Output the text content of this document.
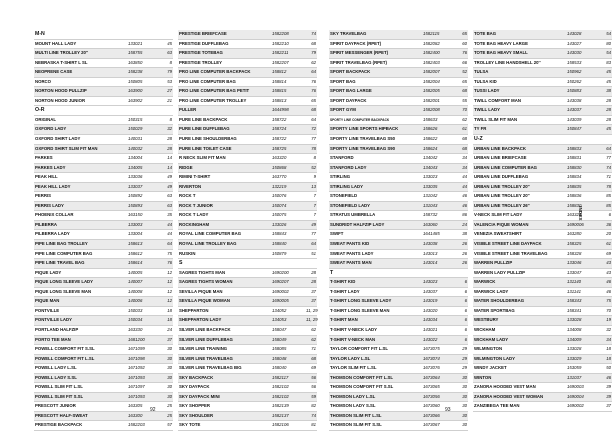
M-N
MOUNT HALL LADY	133021	45
MULTI LINE TROLLEY 20''	158755	63
NEBRASKA T-SHIRT L SL	163850	8
NEOPRENE CASE	158238	79
NORCO	150805	53
NORTON HOOD PULLZIP	163900	27
NORTON HOOD JUNIOR	163902	21
O-R
ORIGINAL	150315	8
OXFORD LADY	150029	32
OXFORD SHIRT LADY	140031	28
OXFORD SHIRT SLIM FIT MAN	140032	28
PARKES	134004	14
PARKES LADY	134005	14
PEAK HILL	133036	49
PEAK HILL LADY	133037	49
PERRIS	150892	63
PERRIS LADY	150893	63
PHOENIX COLLAR	163150	35
PILBERRA	133003	44
PILBERRA LADY	133004	44
PIPE LINE BAG TROLLEY	158613	64
PIPE LINE COMPUTER BAG	158612	75
PIPE LINE TRAVEL BAG	158614	76
PIQUE LADY	140005	12
PIQUE LONG SLEEVE LADY	140007	12
PIQUE LONG SLEEVE MAN	140008	12
PIQUE MAN	140006	12
PONTVILLE	150033	18
PONTVILLE LADY	150034	18
PORTLAND HALFZIP	163330	24
PORTO TEE MAN	1681200	37
POWELL COMFORT FIT S.SL	1671099	30
POWELL COMFORT FIT L.SL	1671098	30
POWELL LADY L.SL	1671092	30
POWELL LADY S.SL	1671093	30
POWELL SLIM FIT L.SL	1671097	30
POWELL SLIM FIT S.SL	1671093	30
PRESCOTT JUNIOR	163305	25
PRESCOTT HALF-SWEAT	163300	25
PRESTIGE BACKPACK	1582203	57
PRESTIGE BRIEFCASE	1582208	74
PRESTIGE DUFFLEBAG	1582210	68
PRESTIGE TOTEBAG	1582211	79
PRESTIGE TROLLEY	1582207	62
PRO LINE COMPUTER BACKPACK	158812	64
PRO LINE COMPUTER BAG	158814	76
PRO LINE COMPUTER BAG PETIT	158815	76
PRO LINE COMPUTER TROLLEY	158813	65
PULLER	1644998	68
PURE LINE BACKPACK	158722	64
PURE LINE DUFFLEBAG	158724	72
PURE LINE SHOULDERBAG	158722	77
PURE LINE TOILET CASE	158725	78
R NECK SLIM FIT MAN	163320	8
RIDGE	150868	52
RIMINI T-SHIRT	163770	9
RIVERTON	132219	13
ROCK T	150076	7
ROCK T JUNIOR	150074	7
ROCK T LADY	150075	7
ROCKINGHAM	133026	49
ROYAL LINE COMPUTER BAG	158843	77
ROYAL LINE TROLLEY BAG	158840	64
RUSKIN	150879	51
S
SAGRES TIGHTS MAN	1690200	28
SAGRES TIGHTS WOMAN	1690207	28
SEVILLA PIQUE MAN	1690002	37
SEVILLA PIQUE WOMAN	1690005	37
SHEPPARTON	134052	11, 29
SHEPPARTON LADY	134053	11, 29
SILVER LINE BACKPACK	158047	62
SILVER LINE DUFFLEBAG	158049	62
SILVER LINE TRAINING	158085	71
SILVER LINE TRAVELBAG	158048	68
SILVER LINE TRAVELBAG BIG	158040	69
SKY BACKPACK	1582117	56
SKY DAYPACK	1582102	56
SKY DAYPACK MINI	1582102	59
SKY SHOPPER	1582139	82
SKY SHOULDER	1582137	74
SKY TOTE	1582106	81
SKY TRAVELBAG	1582115	65
SPIRIT DAYPACK (RPET)	1582082	60
SPIRIT MESSENGER (RPET)	1582400	76
SPIRIT TRAVELBAG (RPET)	1582403	66
SPORT BACKPACK	1582007	52
SPORT BAG	1582004	65
SPORT BAG LARGE	1582005	68
SPORT DAYPACK	1582001	55
SPORT GYM	1582008	70
SPORTY LINE COMPUTER BACKPACK	158633	62
SPORTY LINE SPORTS HIPBACK	158626	61
SPORTY LINE TRAVELBAG S50	158622	68
SPORTY LINE TRAVELBAG S90	158624	68
STANFORD	134042	34
STANFORD LADY	134043	34
STIRLING	133023	44
STIRLING LADY	133035	44
STONEFIELD	131042	46
STONEFIELD LADY	131043	46
STRATUS UMBRELLA	158732	86
SUNDRIDT HALFZIP LADY	163060	24
SWIFT	1641485	38
SWEAT PANTS KID	143038	26
SWEAT PANTS LADY	143013	26
SWEAT PANTS MAN	143014	26
T
T-SHIRT KID	143023	6
T-SHIRT LADY	143037	6
T-SHIRT LONG SLEEVE LADY	143019	6
T-SHIRT LONG SLEEVE MAN	143020	6
T-SHIRT MAN	143034	6
T-SHIRT V-NECK LADY	143021	6
T-SHIRT V-NECK MAN	143022	6
TAYLOR COMFORT FIT L.SL	1673075	29
TAYLOR LADY L.SL	1673074	29
TAYLOR SLIM FIT L.SL	1673076	29
THOMSON COMFORT FIT L.SL	1673064	30
THOMSON COMFORT FIT S.SL	1673065	30
THOMSON LADY L.SL	1673056	30
THOMSON LADY S.SL	1673060	30
THOMSON SLIM FIT L.SL	1673066	30
THOMSON SLIM FIT S.SL	1673067	30
TOTE BAG	143028	54
TOTE BAG HEAVY LARGE	143027	80
TOTE BAG HEAVY SMALL	143030	54
TROLLEY LINE HANDSHELL 20''	158533	83
TULSA	150962	45
TULSA KID	150262	45
TUSSI LADY	150883	38
TWILL COMFORT MAN	143038	28
TWILL LADY	143037	28
TWILL SLIM FIT MAN	143039	28
TY FR	150847	45
U-Z
URBAN LINE BACKPACK	158833	64
URBAN LINE BRIEFCASE	158831	77
URBAN LINE COMPUTER BAG	158830	74
URBAN LINE DUFFLEBAG	158834	71
URBAN LINE TROLLEY 20''	158835	78
URBAN LINE TROLLEY 20''	158836	85
URBAN LINE TROLLEY 26''	158830	85
V-NECK SLIM FIT LADY	163325	6
VALENCIA PIQUE WOMAN	1690006	36
VENEZIA SWEATSHIRT	163280	20
VISIBLE STREET LINE DAYPACK	158325	61
VISIBLE STREET LINE TRAVELBAG	158328	69
WARREN PULLZIP	133046	43
WARREN LADY PULLZIP	133047	43
WARWICK	131140	46
WARWICK LADY	131141	46
WATER SHOULDERBAG	158343	75
WATER SPORTBAG	158341	70
WESTBURY	133028	19
WICKHAM	134008	32
WICKHAM LADY	134009	34
WILMINGTON	133028	18
WILMINGTON LADY	133029	18
WINDY JACKET	153059	50
WINTON	131037	46
ZANORA HOODED VEST MAN	1690003	39
ZANORA HOODED VEST WOMAN	1690004	39
ZANZIBEGA TEE MAN	1690002	37
92	93
INDEX
